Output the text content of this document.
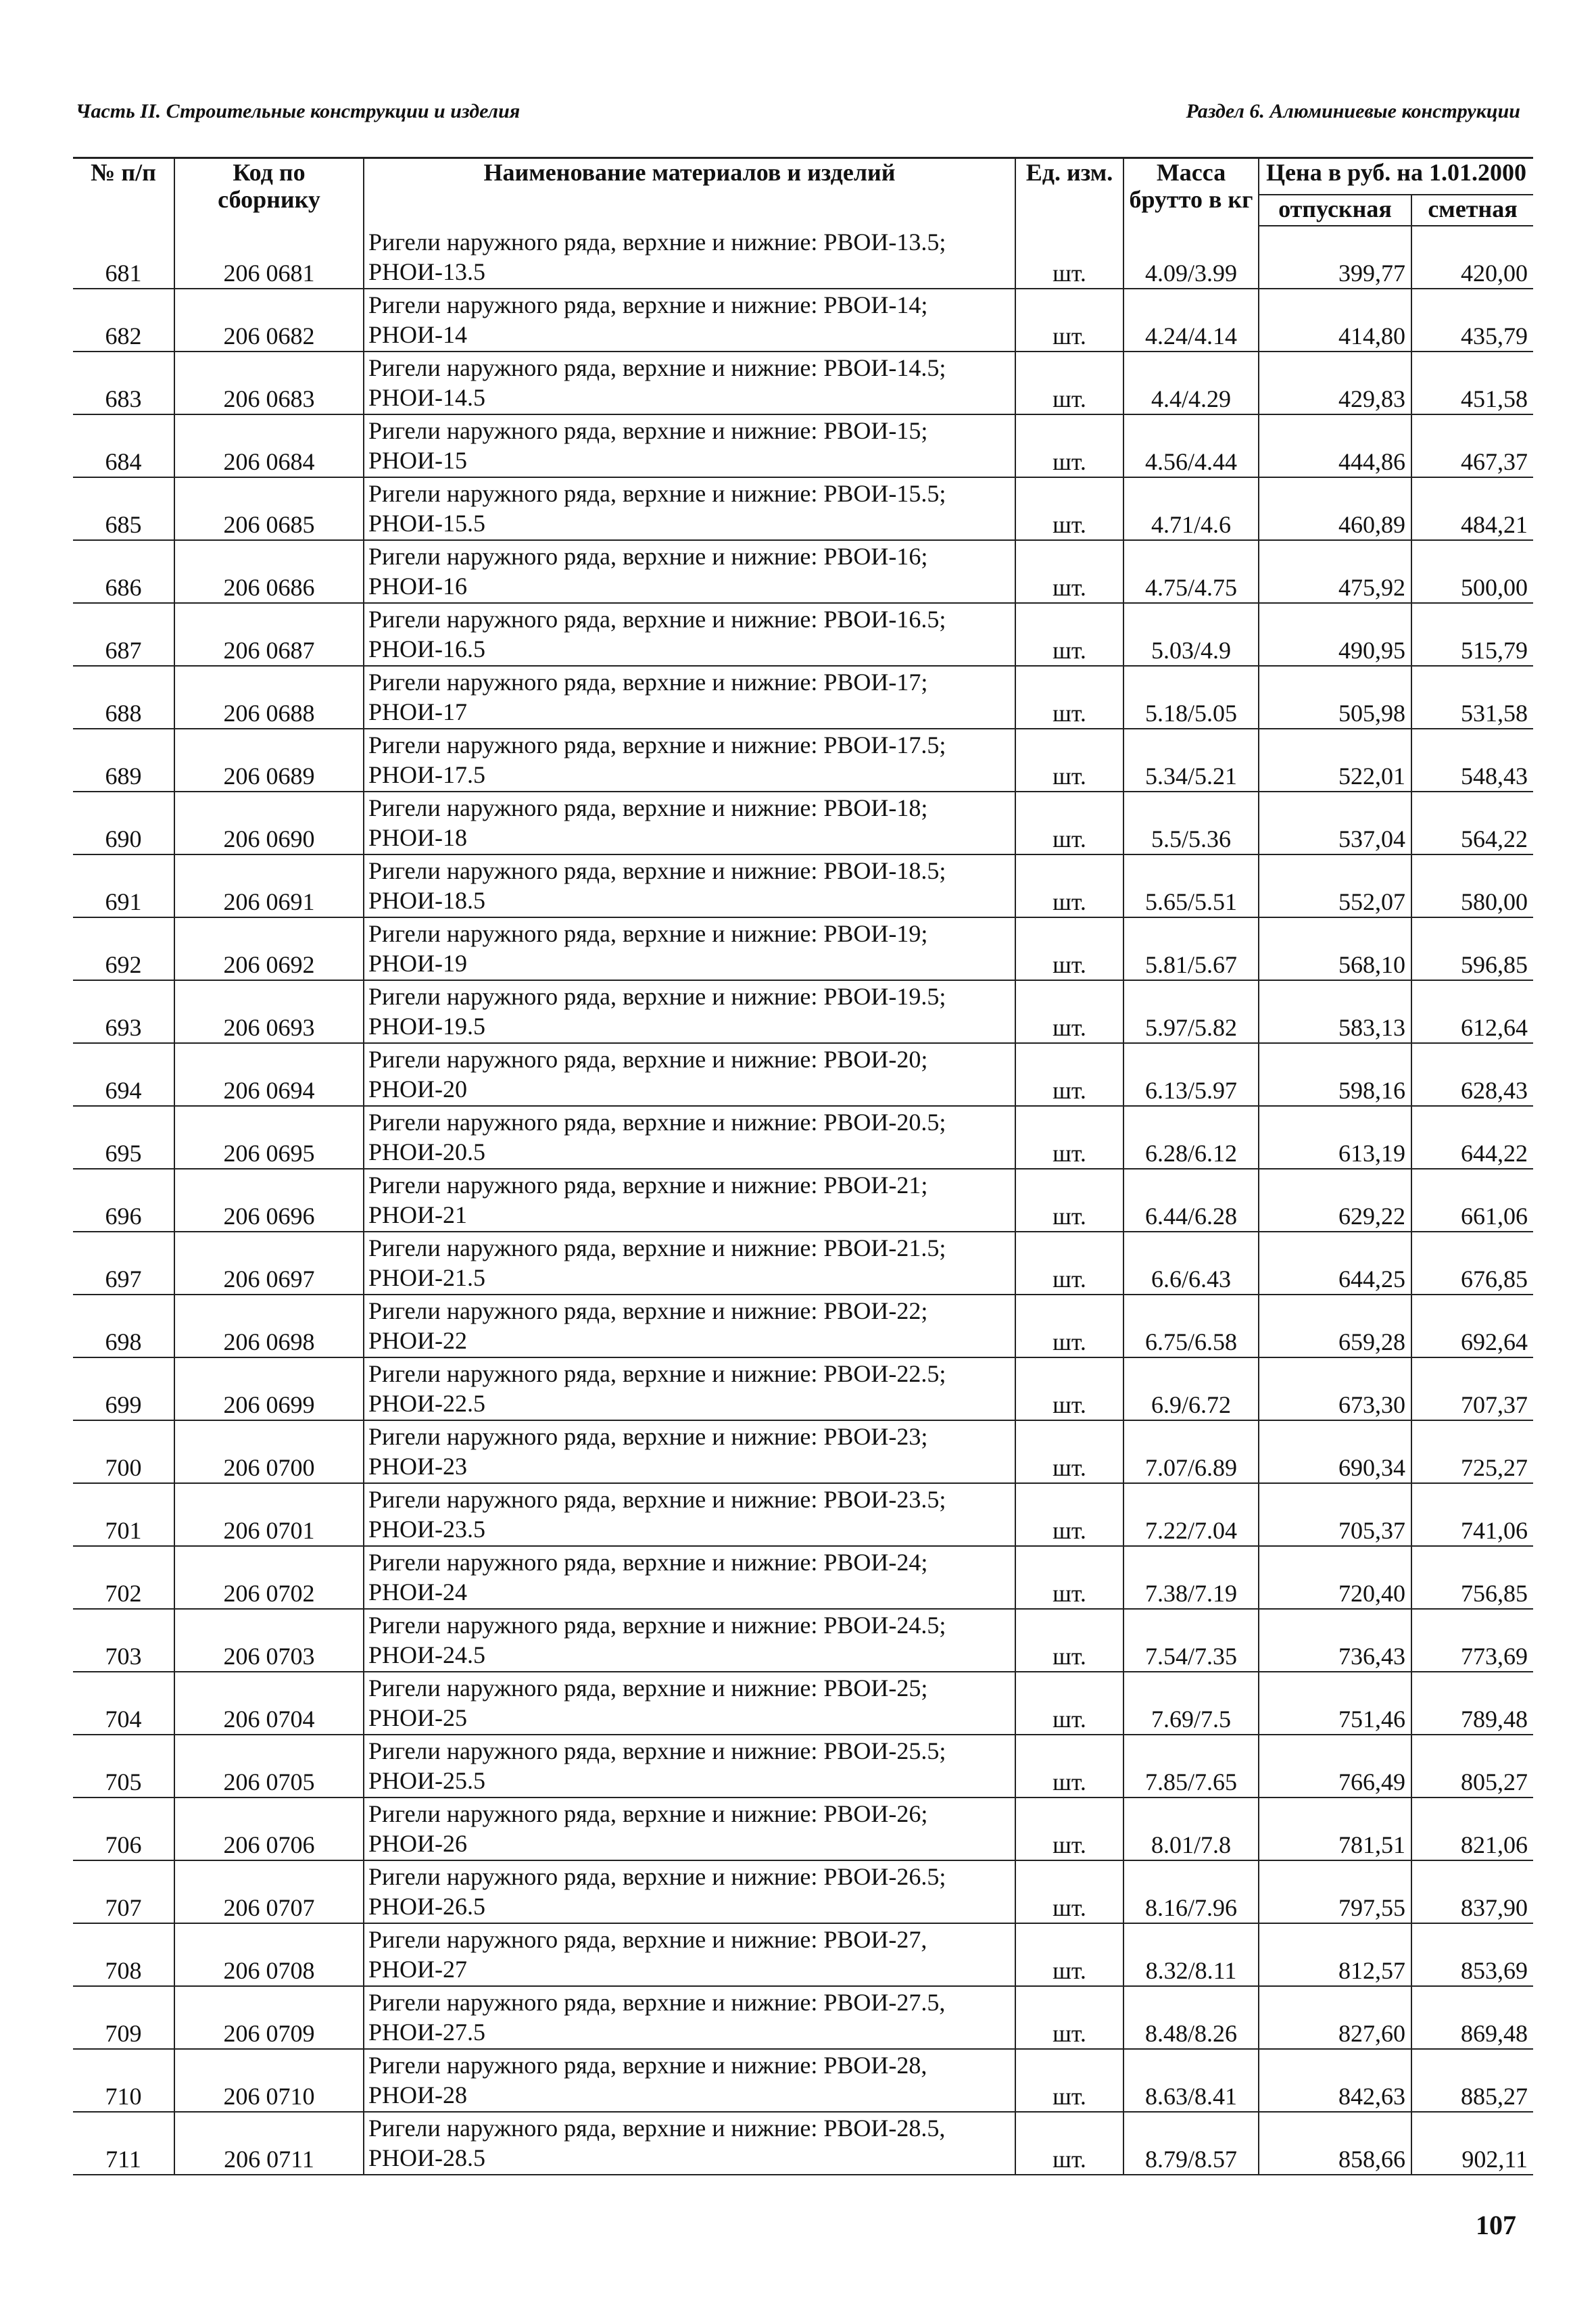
Часть II. Строительные конструкции и изделия	Раздел 6. Алюминиевые конструкции
№ п/п	Код по сборнику	Наименование материалов и изделий	Ед. изм.	Масса брутто в кг	Цена в руб. на 1.01.2000	
					отпускная	сметная
681	206 0681	Ригели наружного ряда, верхние и нижние: РВОИ-13.5;
РНОИ-13.5	шт.	4.09/3.99	399,77	420,00
682	206 0682	Ригели наружного ряда, верхние и нижние: РВОИ-14;
РНОИ-14	шт.	4.24/4.14	414,80	435,79
683	206 0683	Ригели наружного ряда, верхние и нижние: РВОИ-14.5;
РНОИ-14.5	шт.	4.4/4.29	429,83	451,58
684	206 0684	Ригели наружного ряда, верхние и нижние: РВОИ-15;
РНОИ-15	шт.	4.56/4.44	444,86	467,37
685	206 0685	Ригели наружного ряда, верхние и нижние: РВОИ-15.5;
РНОИ-15.5	шт.	4.71/4.6	460,89	484,21
686	206 0686	Ригели наружного ряда, верхние и нижние: РВОИ-16;
РНОИ-16	шт.	4.75/4.75	475,92	500,00
687	206 0687	Ригели наружного ряда, верхние и нижние: РВОИ-16.5;
РНОИ-16.5	шт.	5.03/4.9	490,95	515,79
688	206 0688	Ригели наружного ряда, верхние и нижние: РВОИ-17;
РНОИ-17	шт.	5.18/5.05	505,98	531,58
689	206 0689	Ригели наружного ряда, верхние и нижние: РВОИ-17.5;
РНОИ-17.5	шт.	5.34/5.21	522,01	548,43
690	206 0690	Ригели наружного ряда, верхние и нижние: РВОИ-18;
РНОИ-18	шт.	5.5/5.36	537,04	564,22
691	206 0691	Ригели наружного ряда, верхние и нижние: РВОИ-18.5;
РНОИ-18.5	шт.	5.65/5.51	552,07	580,00
692	206 0692	Ригели наружного ряда, верхние и нижние: РВОИ-19;
РНОИ-19	шт.	5.81/5.67	568,10	596,85
693	206 0693	Ригели наружного ряда, верхние и нижние: РВОИ-19.5;
РНОИ-19.5	шт.	5.97/5.82	583,13	612,64
694	206 0694	Ригели наружного ряда, верхние и нижние: РВОИ-20;
РНОИ-20	шт.	6.13/5.97	598,16	628,43
695	206 0695	Ригели наружного ряда, верхние и нижние: РВОИ-20.5;
РНОИ-20.5	шт.	6.28/6.12	613,19	644,22
696	206 0696	Ригели наружного ряда, верхние и нижние: РВОИ-21;
РНОИ-21	шт.	6.44/6.28	629,22	661,06
697	206 0697	Ригели наружного ряда, верхние и нижние: РВОИ-21.5;
РНОИ-21.5	шт.	6.6/6.43	644,25	676,85
698	206 0698	Ригели наружного ряда, верхние и нижние: РВОИ-22;
РНОИ-22	шт.	6.75/6.58	659,28	692,64
699	206 0699	Ригели наружного ряда, верхние и нижние: РВОИ-22.5;
РНОИ-22.5	шт.	6.9/6.72	673,30	707,37
700	206 0700	Ригели наружного ряда, верхние и нижние: РВОИ-23;
РНОИ-23	шт.	7.07/6.89	690,34	725,27
701	206 0701	Ригели наружного ряда, верхние и нижние: РВОИ-23.5;
РНОИ-23.5	шт.	7.22/7.04	705,37	741,06
702	206 0702	Ригели наружного ряда, верхние и нижние: РВОИ-24;
РНОИ-24	шт.	7.38/7.19	720,40	756,85
703	206 0703	Ригели наружного ряда, верхние и нижние: РВОИ-24.5;
РНОИ-24.5	шт.	7.54/7.35	736,43	773,69
704	206 0704	Ригели наружного ряда, верхние и нижние: РВОИ-25;
РНОИ-25	шт.	7.69/7.5	751,46	789,48
705	206 0705	Ригели наружного ряда, верхние и нижние: РВОИ-25.5;
РНОИ-25.5	шт.	7.85/7.65	766,49	805,27
706	206 0706	Ригели наружного ряда, верхние и нижние: РВОИ-26;
РНОИ-26	шт.	8.01/7.8	781,51	821,06
707	206 0707	Ригели наружного ряда, верхние и нижние: РВОИ-26.5;
РНОИ-26.5	шт.	8.16/7.96	797,55	837,90
708	206 0708	Ригели наружного ряда, верхние и нижние: РВОИ-27,
РНОИ-27	шт.	8.32/8.11	812,57	853,69
709	206 0709	Ригели наружного ряда, верхние и нижние: РВОИ-27.5,
РНОИ-27.5	шт.	8.48/8.26	827,60	869,48
710	206 0710	Ригели наружного ряда, верхние и нижние: РВОИ-28,
РНОИ-28	шт.	8.63/8.41	842,63	885,27
711	206 0711	Ригели наружного ряда, верхние и нижние: РВОИ-28.5,
РНОИ-28.5	шт.	8.79/8.57	858,66	902,11
107
